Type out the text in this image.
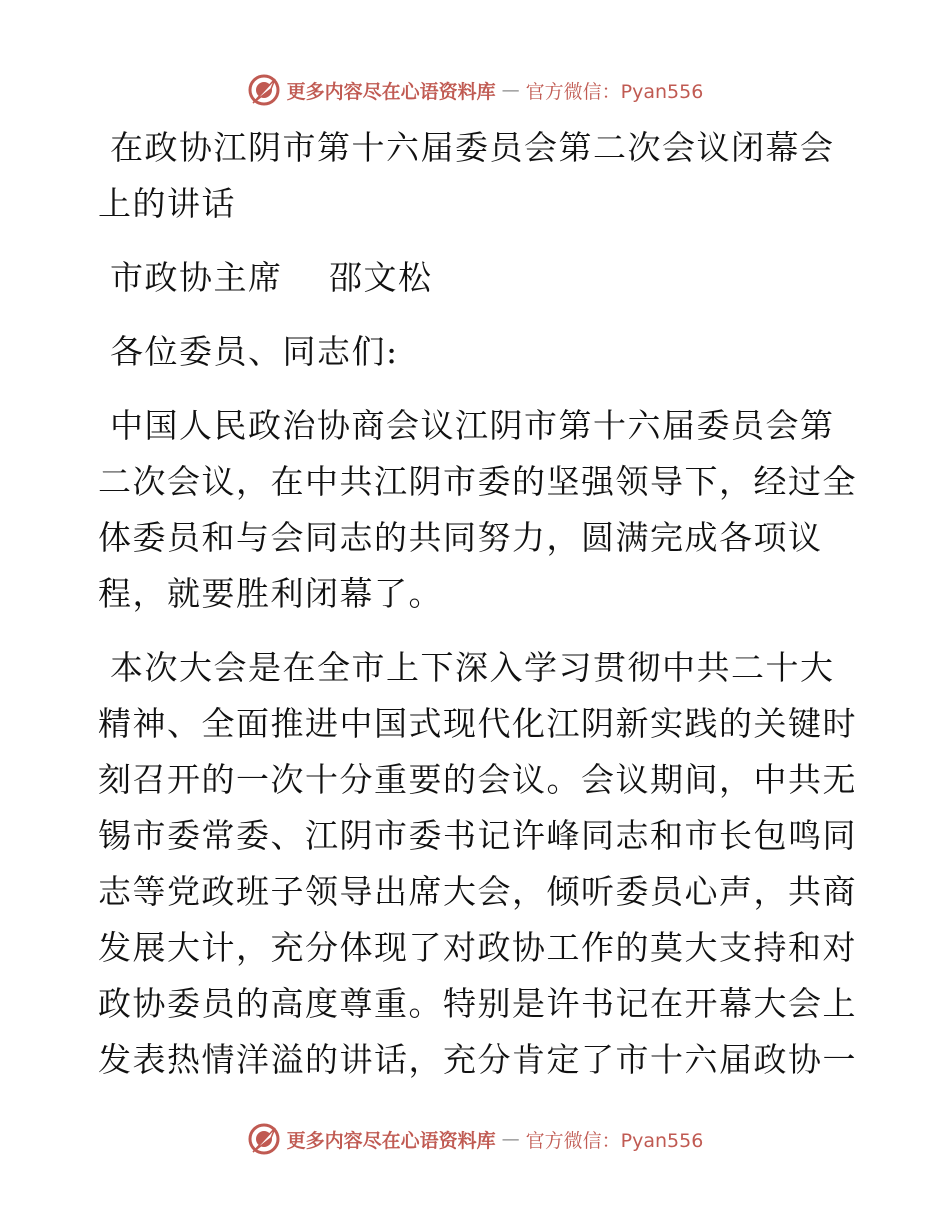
更多内容尽在心语资料库 — 官方微信：Pyan556
在政协江阴市第十六届委员会第二次会议闭幕会
上的讲话
市政协主席　 邵文松
各位委员、同志们:
中国人民政治协商会议江阴市第十六届委员会第
二次会议，在中共江阴市委的坚强领导下，经过全
体委员和与会同志的共同努力，圆满完成各项议
程，就要胜利闭幕了。
本次大会是在全市上下深入学习贯彻中共二十大
精神、全面推进中国式现代化江阴新实践的关键时
刻召开的一次十分重要的会议。会议期间，中共无
锡市委常委、江阴市委书记许峰同志和市长包鸣同
志等党政班子领导出席大会，倾听委员心声，共商
发展大计，充分体现了对政协工作的莫大支持和对
政协委员的高度尊重。特别是许书记在开幕大会上
发表热情洋溢的讲话，充分肯定了市十六届政协一
更多内容尽在心语资料库 — 官方微信：Pyan556
